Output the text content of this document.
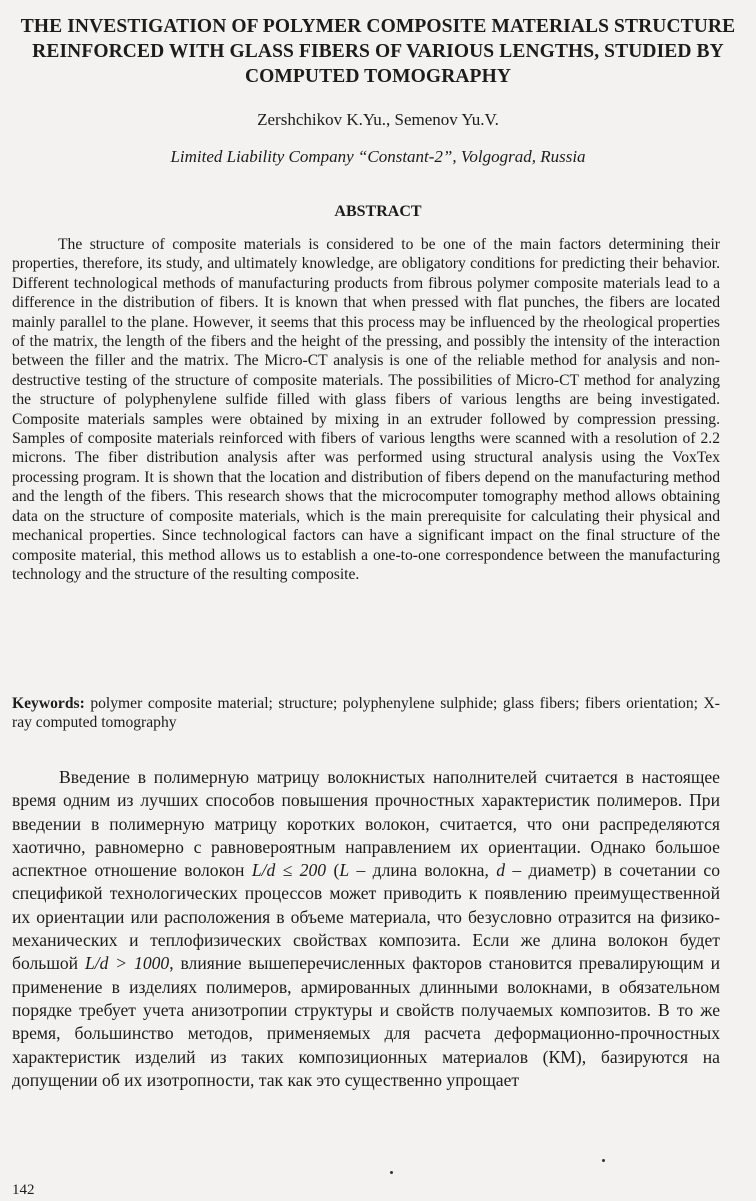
THE INVESTIGATION OF POLYMER COMPOSITE MATERIALS STRUCTURE REINFORCED WITH GLASS FIBERS OF VARIOUS LENGTHS, STUDIED BY COMPUTED TOMOGRAPHY
Zershchikov K.Yu., Semenov Yu.V.
Limited Liability Company “Constant-2”, Volgograd, Russia
ABSTRACT

The structure of composite materials is considered to be one of the main factors determining their properties, therefore, its study, and ultimately knowledge, are obligatory conditions for predicting their behavior. Different technological methods of manufacturing products from fibrous polymer composite materials lead to a difference in the distribution of fibers. It is known that when pressed with flat punches, the fibers are located mainly parallel to the plane. However, it seems that this process may be influenced by the rheological properties of the matrix, the length of the fibers and the height of the pressing, and possibly the intensity of the interaction between the filler and the matrix. The Micro-CT analysis is one of the reliable method for analysis and non-destructive testing of the structure of composite materials. The possibilities of Micro-CT method for analyzing the structure of polyphenylene sulfide filled with glass fibers of various lengths are being investigated. Composite materials samples were obtained by mixing in an extruder followed by compression pressing. Samples of composite materials reinforced with fibers of various lengths were scanned with a resolution of 2.2 microns. The fiber distribution analysis after was performed using structural analysis using the VoxTex processing program. It is shown that the location and distribution of fibers depend on the manufacturing method and the length of the fibers. This research shows that the microcomputer tomography method allows obtaining data on the structure of composite materials, which is the main prerequisite for calculating their physical and mechanical properties. Since technological factors can have a significant impact on the final structure of the composite material, this method allows us to establish a one-to-one correspondence between the manufacturing technology and the structure of the resulting composite.

Keywords: polymer composite material; structure; polyphenylene sulphide; glass fibers; fibers orientation; X-ray computed tomography

Введение в полимерную матрицу волокнистых наполнителей считается в настоящее время одним из лучших способов повышения прочностных характеристик полимеров. При введении в полимерную матрицу коротких волокон, считается, что они распределяются хаотично, равномерно с равновероятным направлением их ориентации. Однако большое аспектное отношение волокон L/d ≤ 200 (L – длина волокна, d – диаметр) в сочетании со спецификой технологических процессов может приводить к появлению преимущественной их ориентации или расположения в объеме материала, что безусловно отразится на физико-механических и теплофизических свойствах композита. Если же длина волокон будет большой L/d > 1000, влияние вышеперечисленных факторов становится превалирующим и применение в изделиях полимеров, армированных длинными волокнами, в обязательном порядке требует учета анизотропии структуры и свойств получаемых композитов. В то же время, большинство методов, применяемых для расчета деформационно-прочностных характеристик изделий из таких композиционных материалов (КМ), базируются на допущении об их изотропности, так как это существенно упрощает

142
